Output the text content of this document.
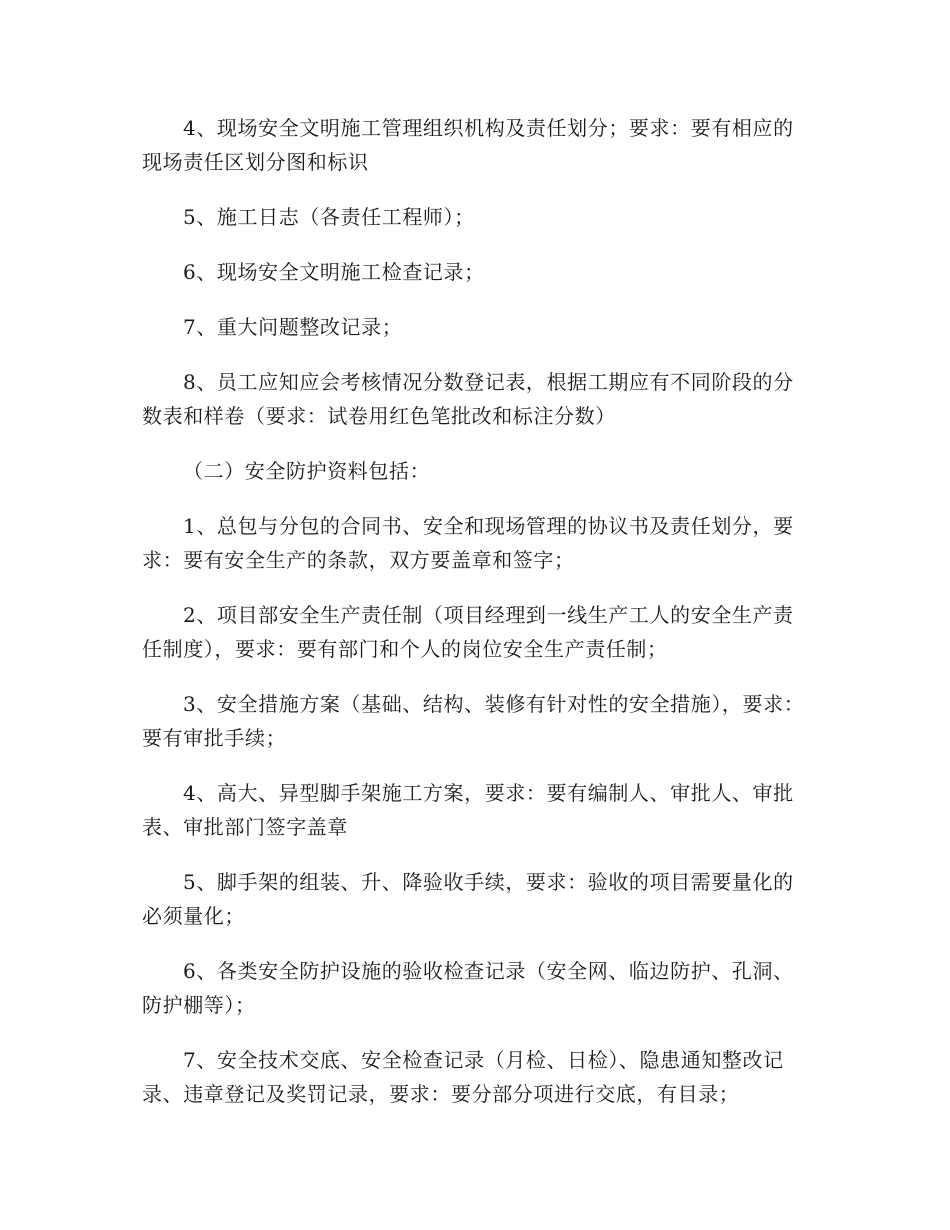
4、现场安全文明施工管理组织机构及责任划分；要求：要有相应的现场责任区划分图和标识

5、施工日志（各责任工程师）；

6、现场安全文明施工检查记录；

7、重大问题整改记录；

8、员工应知应会考核情况分数登记表，根据工期应有不同阶段的分数表和样卷（要求：试卷用红色笔批改和标注分数）

（二）安全防护资料包括：

1、总包与分包的合同书、安全和现场管理的协议书及责任划分，要求：要有安全生产的条款，双方要盖章和签字；

2、项目部安全生产责任制（项目经理到一线生产工人的安全生产责任制度），要求：要有部门和个人的岗位安全生产责任制；

3、安全措施方案（基础、结构、装修有针对性的安全措施），要求：要有审批手续；

4、高大、异型脚手架施工方案，要求：要有编制人、审批人、审批表、审批部门签字盖章

5、脚手架的组装、升、降验收手续，要求：验收的项目需要量化的必须量化；

6、各类安全防护设施的验收检查记录（安全网、临边防护、孔洞、防护棚等）；

7、安全技术交底、安全检查记录（月检、日检）、隐患通知整改记录、违章登记及奖罚记录，要求：要分部分项进行交底，有目录；
